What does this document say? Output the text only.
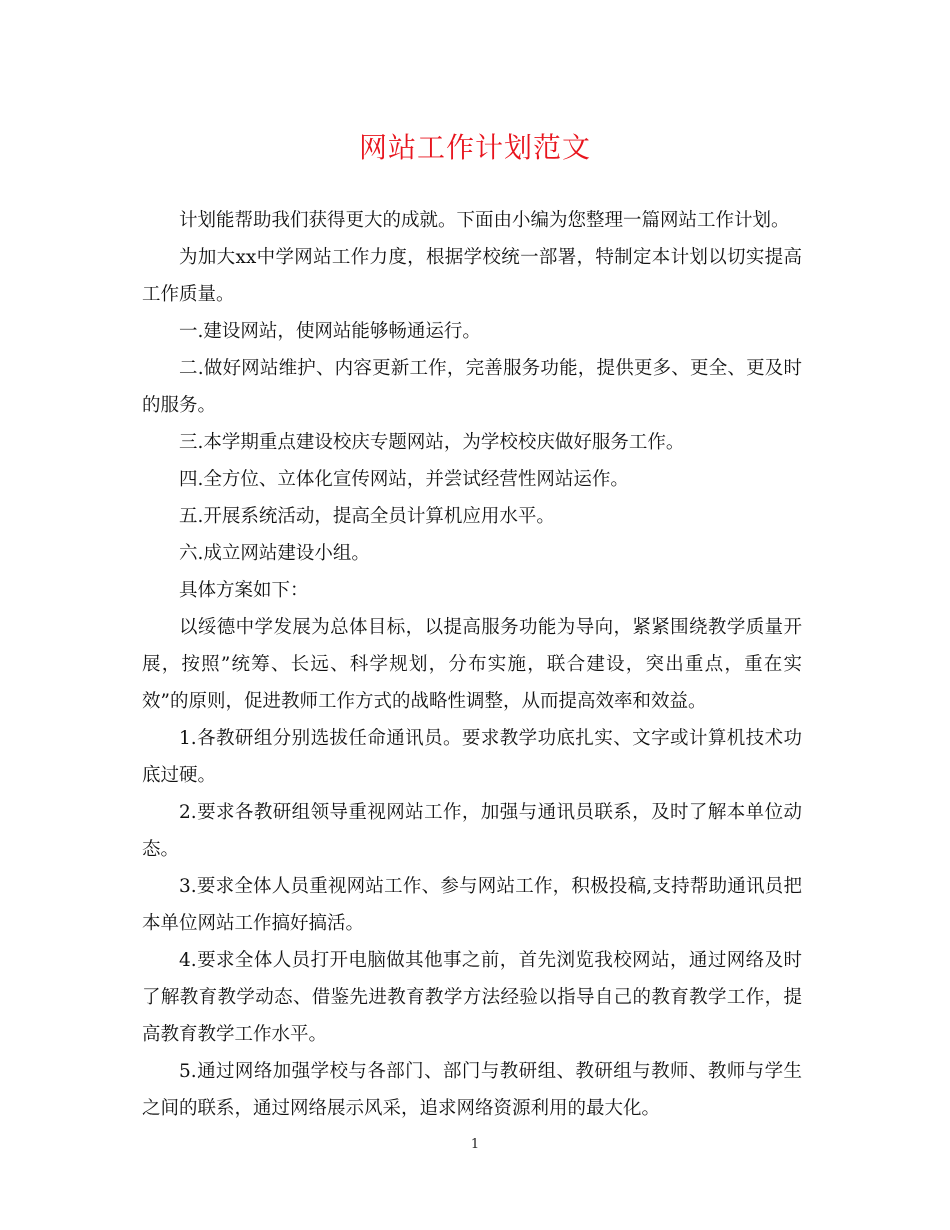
网站工作计划范文

计划能帮助我们获得更大的成就。下面由小编为您整理一篇网站工作计划。

为加大xx中学网站工作力度，根据学校统一部署，特制定本计划以切实提高工作质量。

一.建设网站，使网站能够畅通运行。

二.做好网站维护、内容更新工作，完善服务功能，提供更多、更全、更及时的服务。

三.本学期重点建设校庆专题网站，为学校校庆做好服务工作。

四.全方位、立体化宣传网站，并尝试经营性网站运作。

五.开展系统活动，提高全员计算机应用水平。

六.成立网站建设小组。

具体方案如下：

以绥德中学发展为总体目标，以提高服务功能为导向，紧紧围绕教学质量开展，按照”统筹、长远、科学规划，分布实施，联合建设，突出重点，重在实效”的原则，促进教师工作方式的战略性调整，从而提高效率和效益。

1.各教研组分别选拔任命通讯员。要求教学功底扎实、文字或计算机技术功底过硬。

2.要求各教研组领导重视网站工作，加强与通讯员联系，及时了解本单位动态。

3.要求全体人员重视网站工作、参与网站工作，积极投稿,支持帮助通讯员把本单位网站工作搞好搞活。

4.要求全体人员打开电脑做其他事之前，首先浏览我校网站，通过网络及时了解教育教学动态、借鉴先进教育教学方法经验以指导自己的教育教学工作，提高教育教学工作水平。

5.通过网络加强学校与各部门、部门与教研组、教研组与教师、教师与学生之间的联系，通过网络展示风采，追求网络资源利用的最大化。

1
